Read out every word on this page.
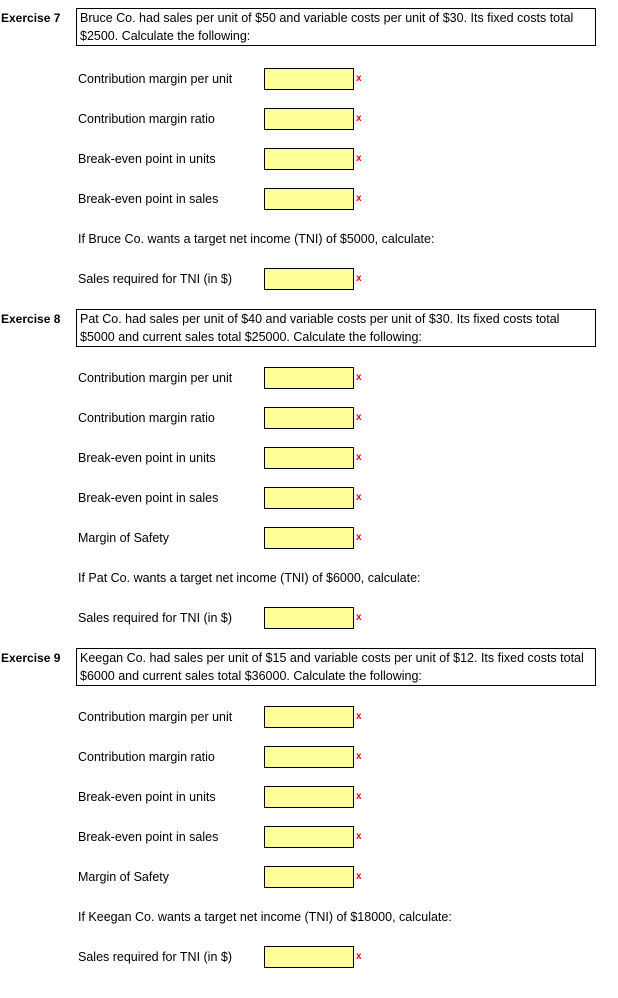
Exercise 7	Bruce Co. had sales per unit of $50 and variable costs per unit of $30. Its fixed costs total $2500. Calculate the following:
Contribution margin per unit	x
Contribution margin ratio	x
Break-even point in units	x
Break-even point in sales	x
If Bruce Co. wants a target net income (TNI) of $5000, calculate:
Sales required for TNI (in $)	x
Exercise 8	Pat Co. had sales per unit of $40 and variable costs per unit of $30. Its fixed costs total $5000 and current sales total $25000. Calculate the following:
Contribution margin per unit	x
Contribution margin ratio	x
Break-even point in units	x
Break-even point in sales	x
Margin of Safety	x
If Pat Co. wants a target net income (TNI) of $6000, calculate:
Sales required for TNI (in $)	x
Exercise 9	Keegan Co. had sales per unit of $15 and variable costs per unit of $12. Its fixed costs total $6000 and current sales total $36000. Calculate the following:
Contribution margin per unit	x
Contribution margin ratio	x
Break-even point in units	x
Break-even point in sales	x
Margin of Safety	x
If Keegan Co. wants a target net income (TNI) of $18000, calculate:
Sales required for TNI (in $)	x
